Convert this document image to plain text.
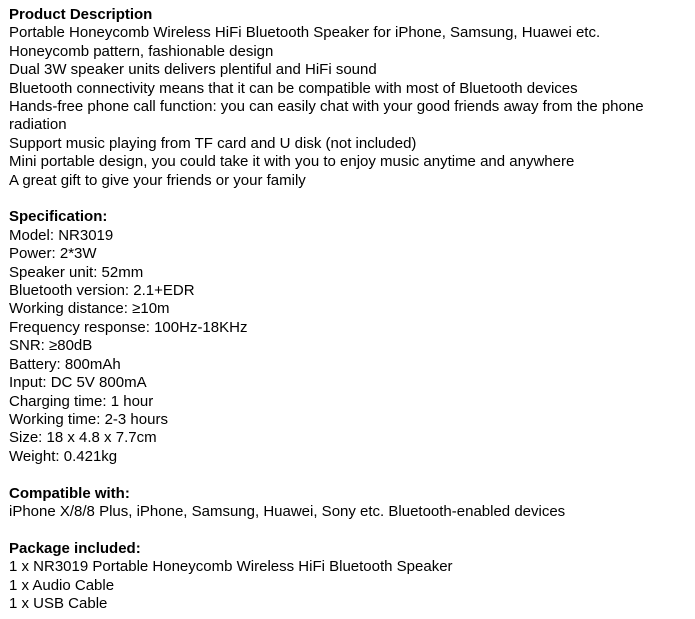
Product Description
Portable Honeycomb Wireless HiFi Bluetooth Speaker for iPhone, Samsung, Huawei etc.
Honeycomb pattern, fashionable design
Dual 3W speaker units delivers plentiful and HiFi sound
Bluetooth connectivity means that it can be compatible with most of Bluetooth devices
Hands-free phone call function: you can easily chat with your good friends away from the phone
radiation
Support music playing from TF card and U disk (not included)
Mini portable design, you could take it with you to enjoy music anytime and anywhere
A great gift to give your friends or your family
Specification:
Model: NR3019
Power: 2*3W
Speaker unit: 52mm
Bluetooth version: 2.1+EDR
Working distance: ≥10m
Frequency response: 100Hz-18KHz
SNR: ≥80dB
Battery: 800mAh
Input: DC 5V 800mA
Charging time: 1 hour
Working time: 2-3 hours
Size: 18 x 4.8 x 7.7cm
Weight: 0.421kg
Compatible with:
iPhone X/8/8 Plus, iPhone, Samsung, Huawei, Sony etc. Bluetooth-enabled devices
Package included:
1 x NR3019 Portable Honeycomb Wireless HiFi Bluetooth Speaker
1 x Audio Cable
1 x USB Cable
